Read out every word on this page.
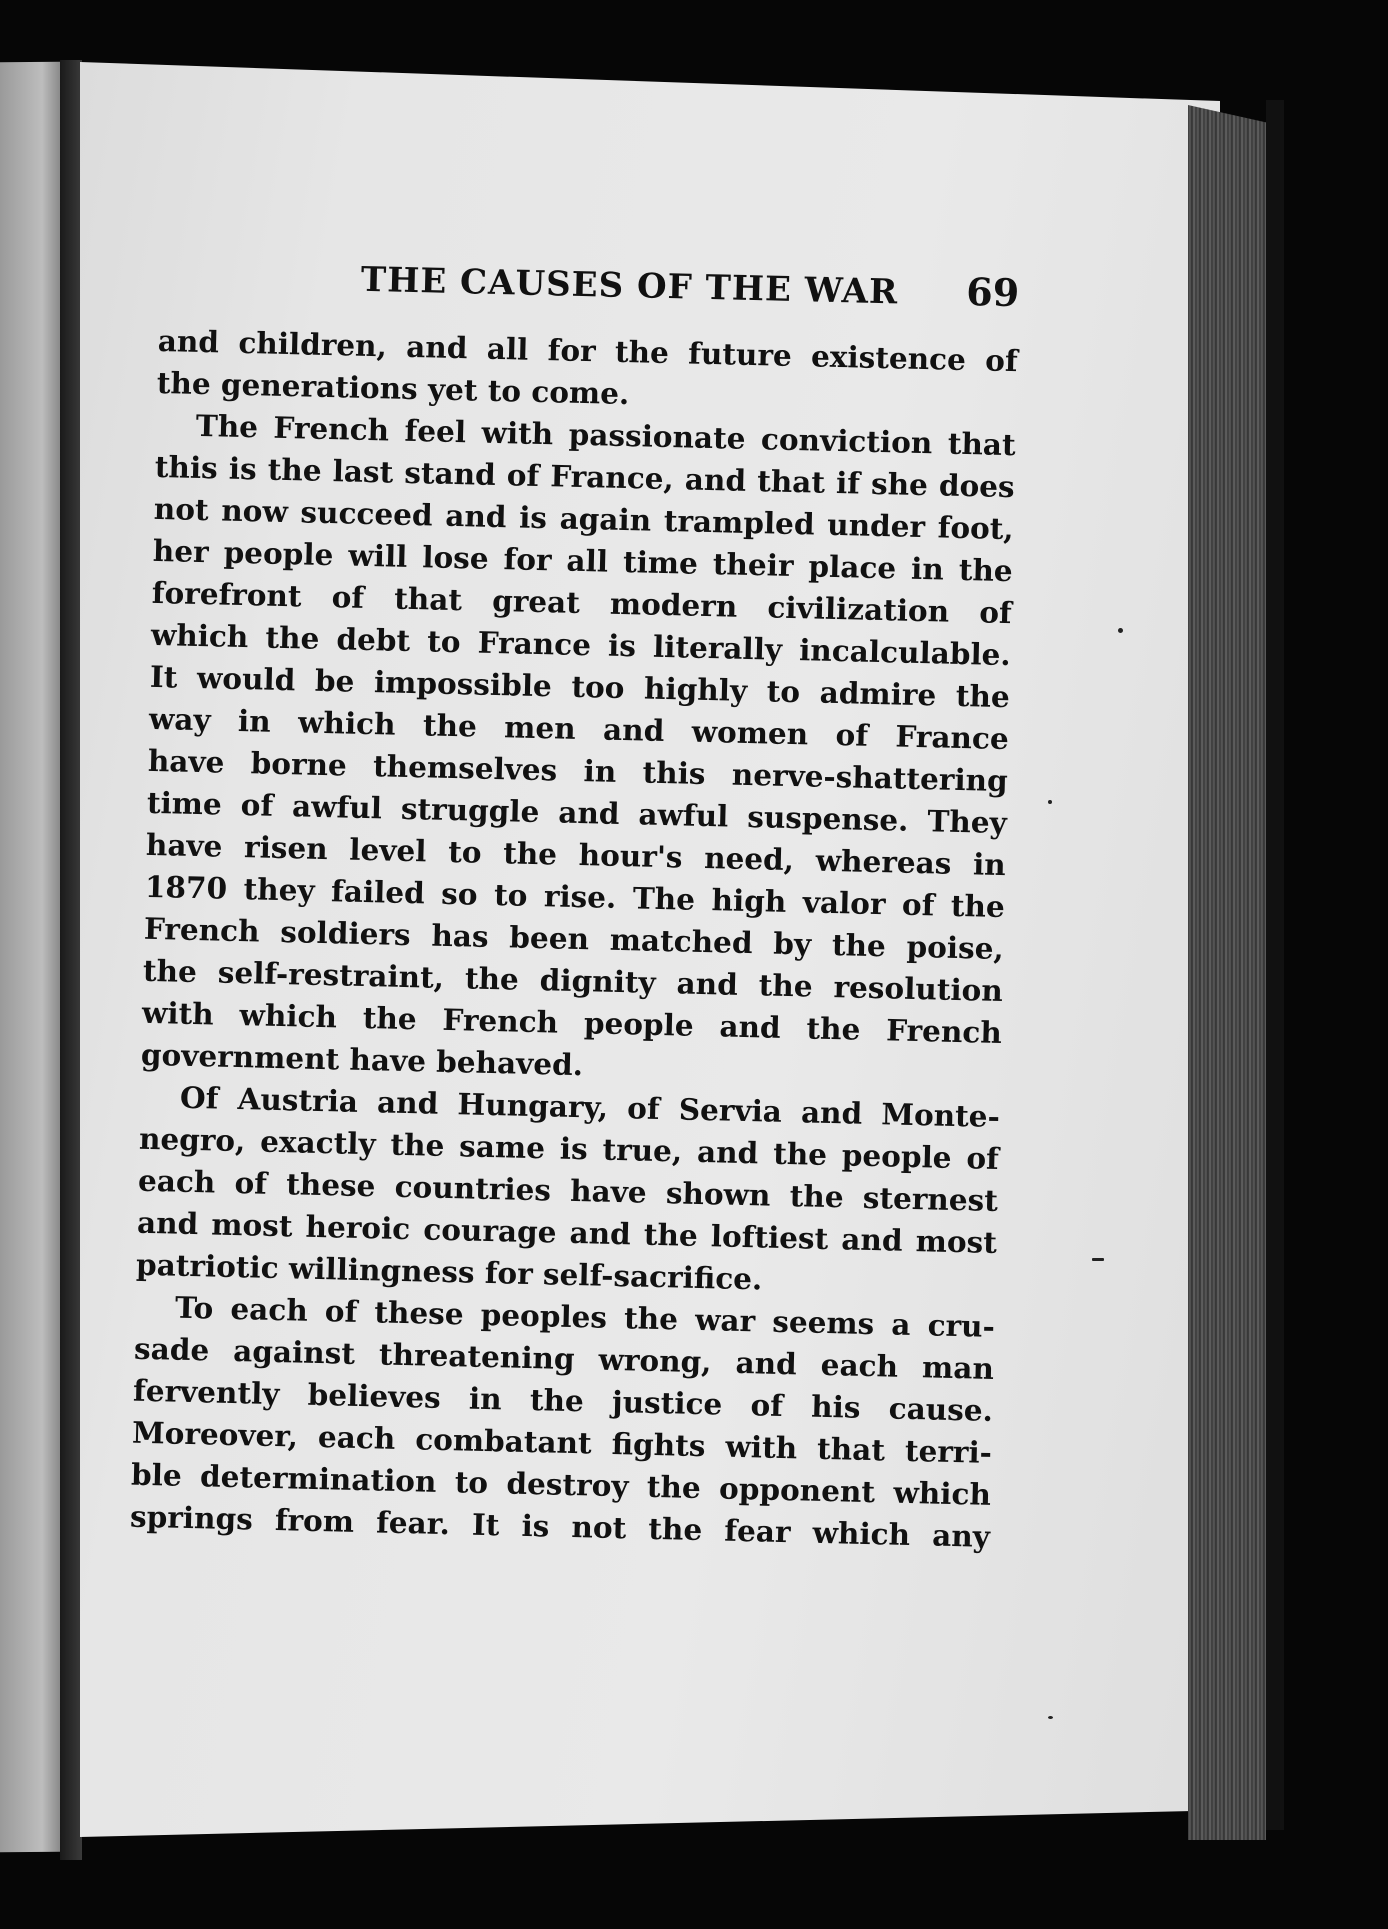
THE CAUSES OF THE WAR 69
and children, and all for the future existence of
the generations yet to come.
The French feel with passionate conviction that
this is the last stand of France, and that if she does
not now succeed and is again trampled under foot,
her people will lose for all time their place in the
forefront of that great modern civilization of
which the debt to France is literally incalculable.
It would be impossible too highly to admire the
way in which the men and women of France
have borne themselves in this nerve-shattering
time of awful struggle and awful suspense. They
have risen level to the hour's need, whereas in
1870 they failed so to rise. The high valor of the
French soldiers has been matched by the poise,
the self-restraint, the dignity and the resolution
with which the French people and the French
government have behaved.
Of Austria and Hungary, of Servia and Monte-
negro, exactly the same is true, and the people of
each of these countries have shown the sternest
and most heroic courage and the loftiest and most
patriotic willingness for self-sacrifice.
To each of these peoples the war seems a cru-
sade against threatening wrong, and each man
fervently believes in the justice of his cause.
Moreover, each combatant fights with that terri-
ble determination to destroy the opponent which
springs from fear. It is not the fear which any
